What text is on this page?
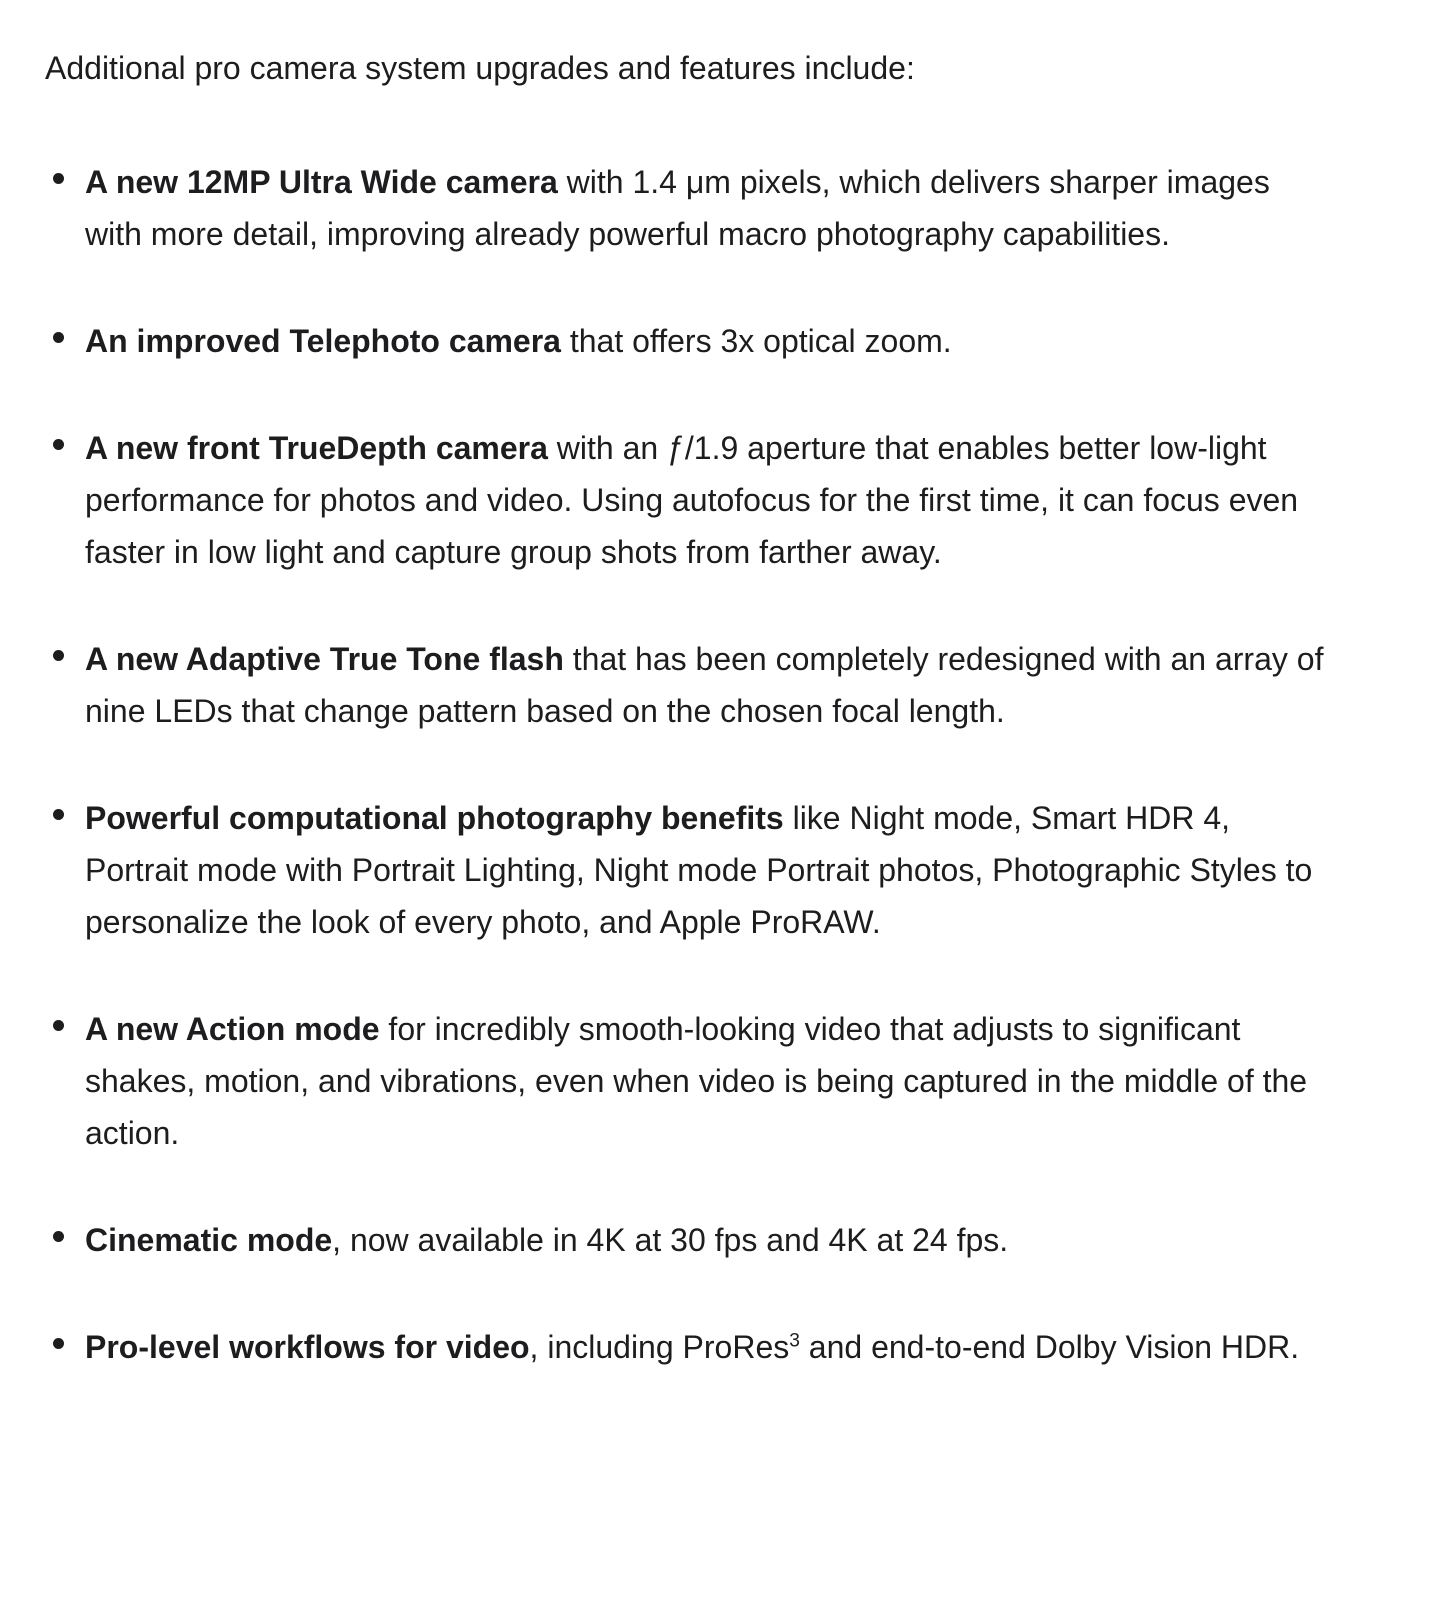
Additional pro camera system upgrades and features include:

A new 12MP Ultra Wide camera with 1.4 μm pixels, which delivers sharper images with more detail, improving already powerful macro photography capabilities.
An improved Telephoto camera that offers 3x optical zoom.
A new front TrueDepth camera with an ƒ/1.9 aperture that enables better low-light performance for photos and video. Using autofocus for the first time, it can focus even faster in low light and capture group shots from farther away.
A new Adaptive True Tone flash that has been completely redesigned with an array of nine LEDs that change pattern based on the chosen focal length.
Powerful computational photography benefits like Night mode, Smart HDR 4, Portrait mode with Portrait Lighting, Night mode Portrait photos, Photographic Styles to personalize the look of every photo, and Apple ProRAW.
A new Action mode for incredibly smooth-looking video that adjusts to significant shakes, motion, and vibrations, even when video is being captured in the middle of the action.
Cinematic mode, now available in 4K at 30 fps and 4K at 24 fps.
Pro-level workflows for video, including ProRes$^3$ and end-to-end Dolby Vision HDR.
